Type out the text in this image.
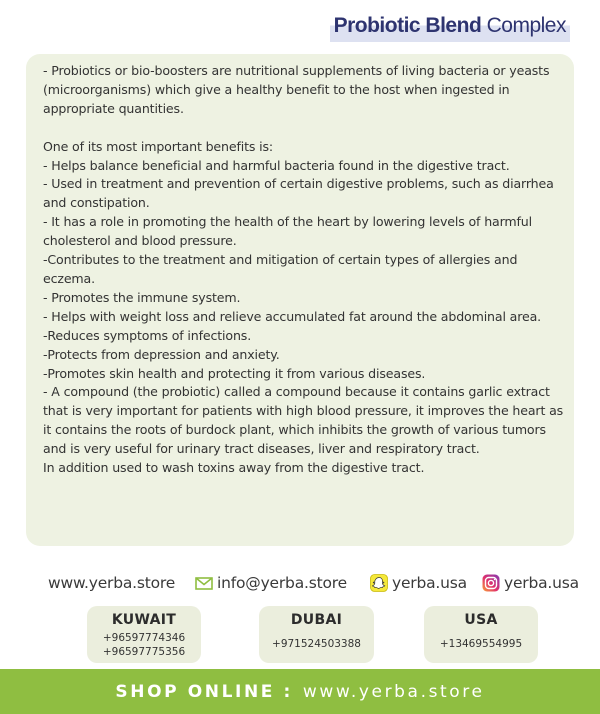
Probiotic Blend Complex

- Probiotics or bio-boosters are nutritional supplements of living bacteria or yeasts (microorganisms) which give a healthy benefit to the host when ingested in appropriate quantities.

One of its most important benefits is:
- Helps balance beneficial and harmful bacteria found in the digestive tract.
- Used in treatment and prevention of certain digestive problems, such as diarrhea and constipation.
- It has a role in promoting the health of the heart by lowering levels of harmful cholesterol and blood pressure.
-Contributes to the treatment and mitigation of certain types of allergies and eczema.
- Promotes the immune system.
- Helps with weight loss and relieve accumulated fat around the abdominal area.
-Reduces symptoms of infections.
-Protects from depression and anxiety.
-Promotes skin health and protecting it from various diseases.
- A compound (the probiotic) called a compound because it contains garlic extract that is very important for patients with high blood pressure, it improves the heart as it contains the roots of burdock plant, which inhibits the growth of various tumors and is very useful for urinary tract diseases, liver and respiratory tract.
In addition used to wash toxins away from the digestive tract.

www.yerba.store	info@yerba.store	yerba.usa yerba.usa
KUWAIT
+96597774346
+96597775356
DUBAI
+971524503388
USA
+13469554995
SHOP ONLINE : www.yerba.store
